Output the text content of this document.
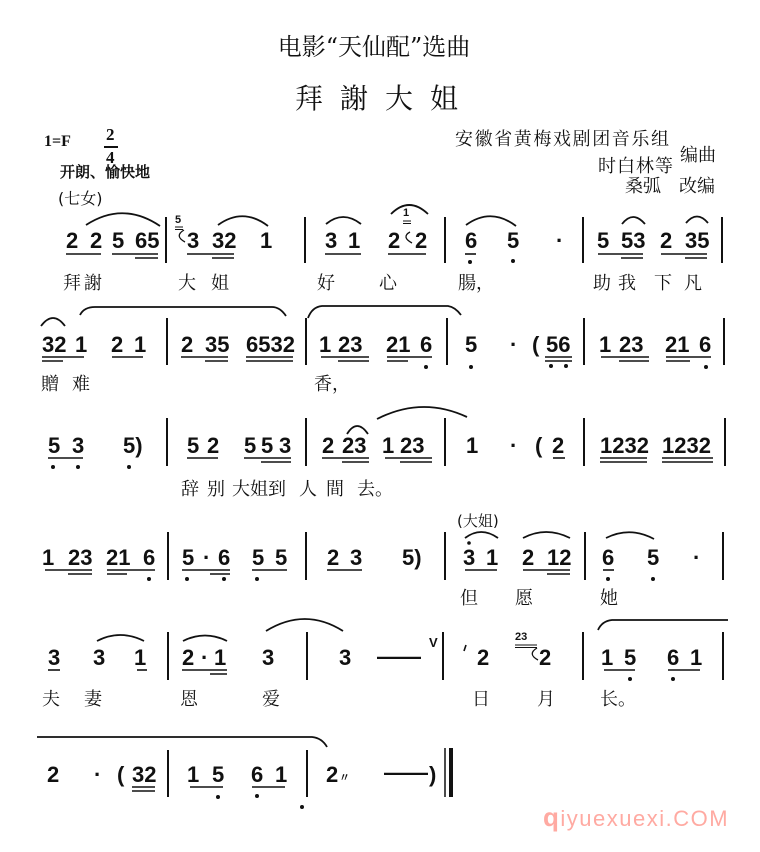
电影“天仙配”选曲
拜謝大姐
1=F 2
4
开朗、愉快地
(七女)
安徽省黄梅戏剧团音乐组
编曲
时白林等
桑弧 改编
2 2 5 65
5
3 32 1 3 1 2
1
2 6 5 · 5 53 2 35
拜 謝	大 姐	好 心	腸，	助 我 下 凡
32 1 2 1 2 35 6532 1 23 21 6 5 · ( 56 1 23 21 6
贈 难	香，
5 3 5) 5 2 5 5 3 2 23 1 23 1 · ( 2 1232 1232
辞 别 大 姐 到 人 間 去。
1 23 21 6 5 · 6 5 5 2 3 5)
(大姐)
3 1 2 12 6 5 ·
但 愿	她
3 3 1 2 · 1 3	3 ——
V
2
23
2 1 5 6 1
夫 妻	恩	爱	日	月	长。
2 · ( 32 1 5 6 1 2 〃 —— )
qiyuexuexi.COM
